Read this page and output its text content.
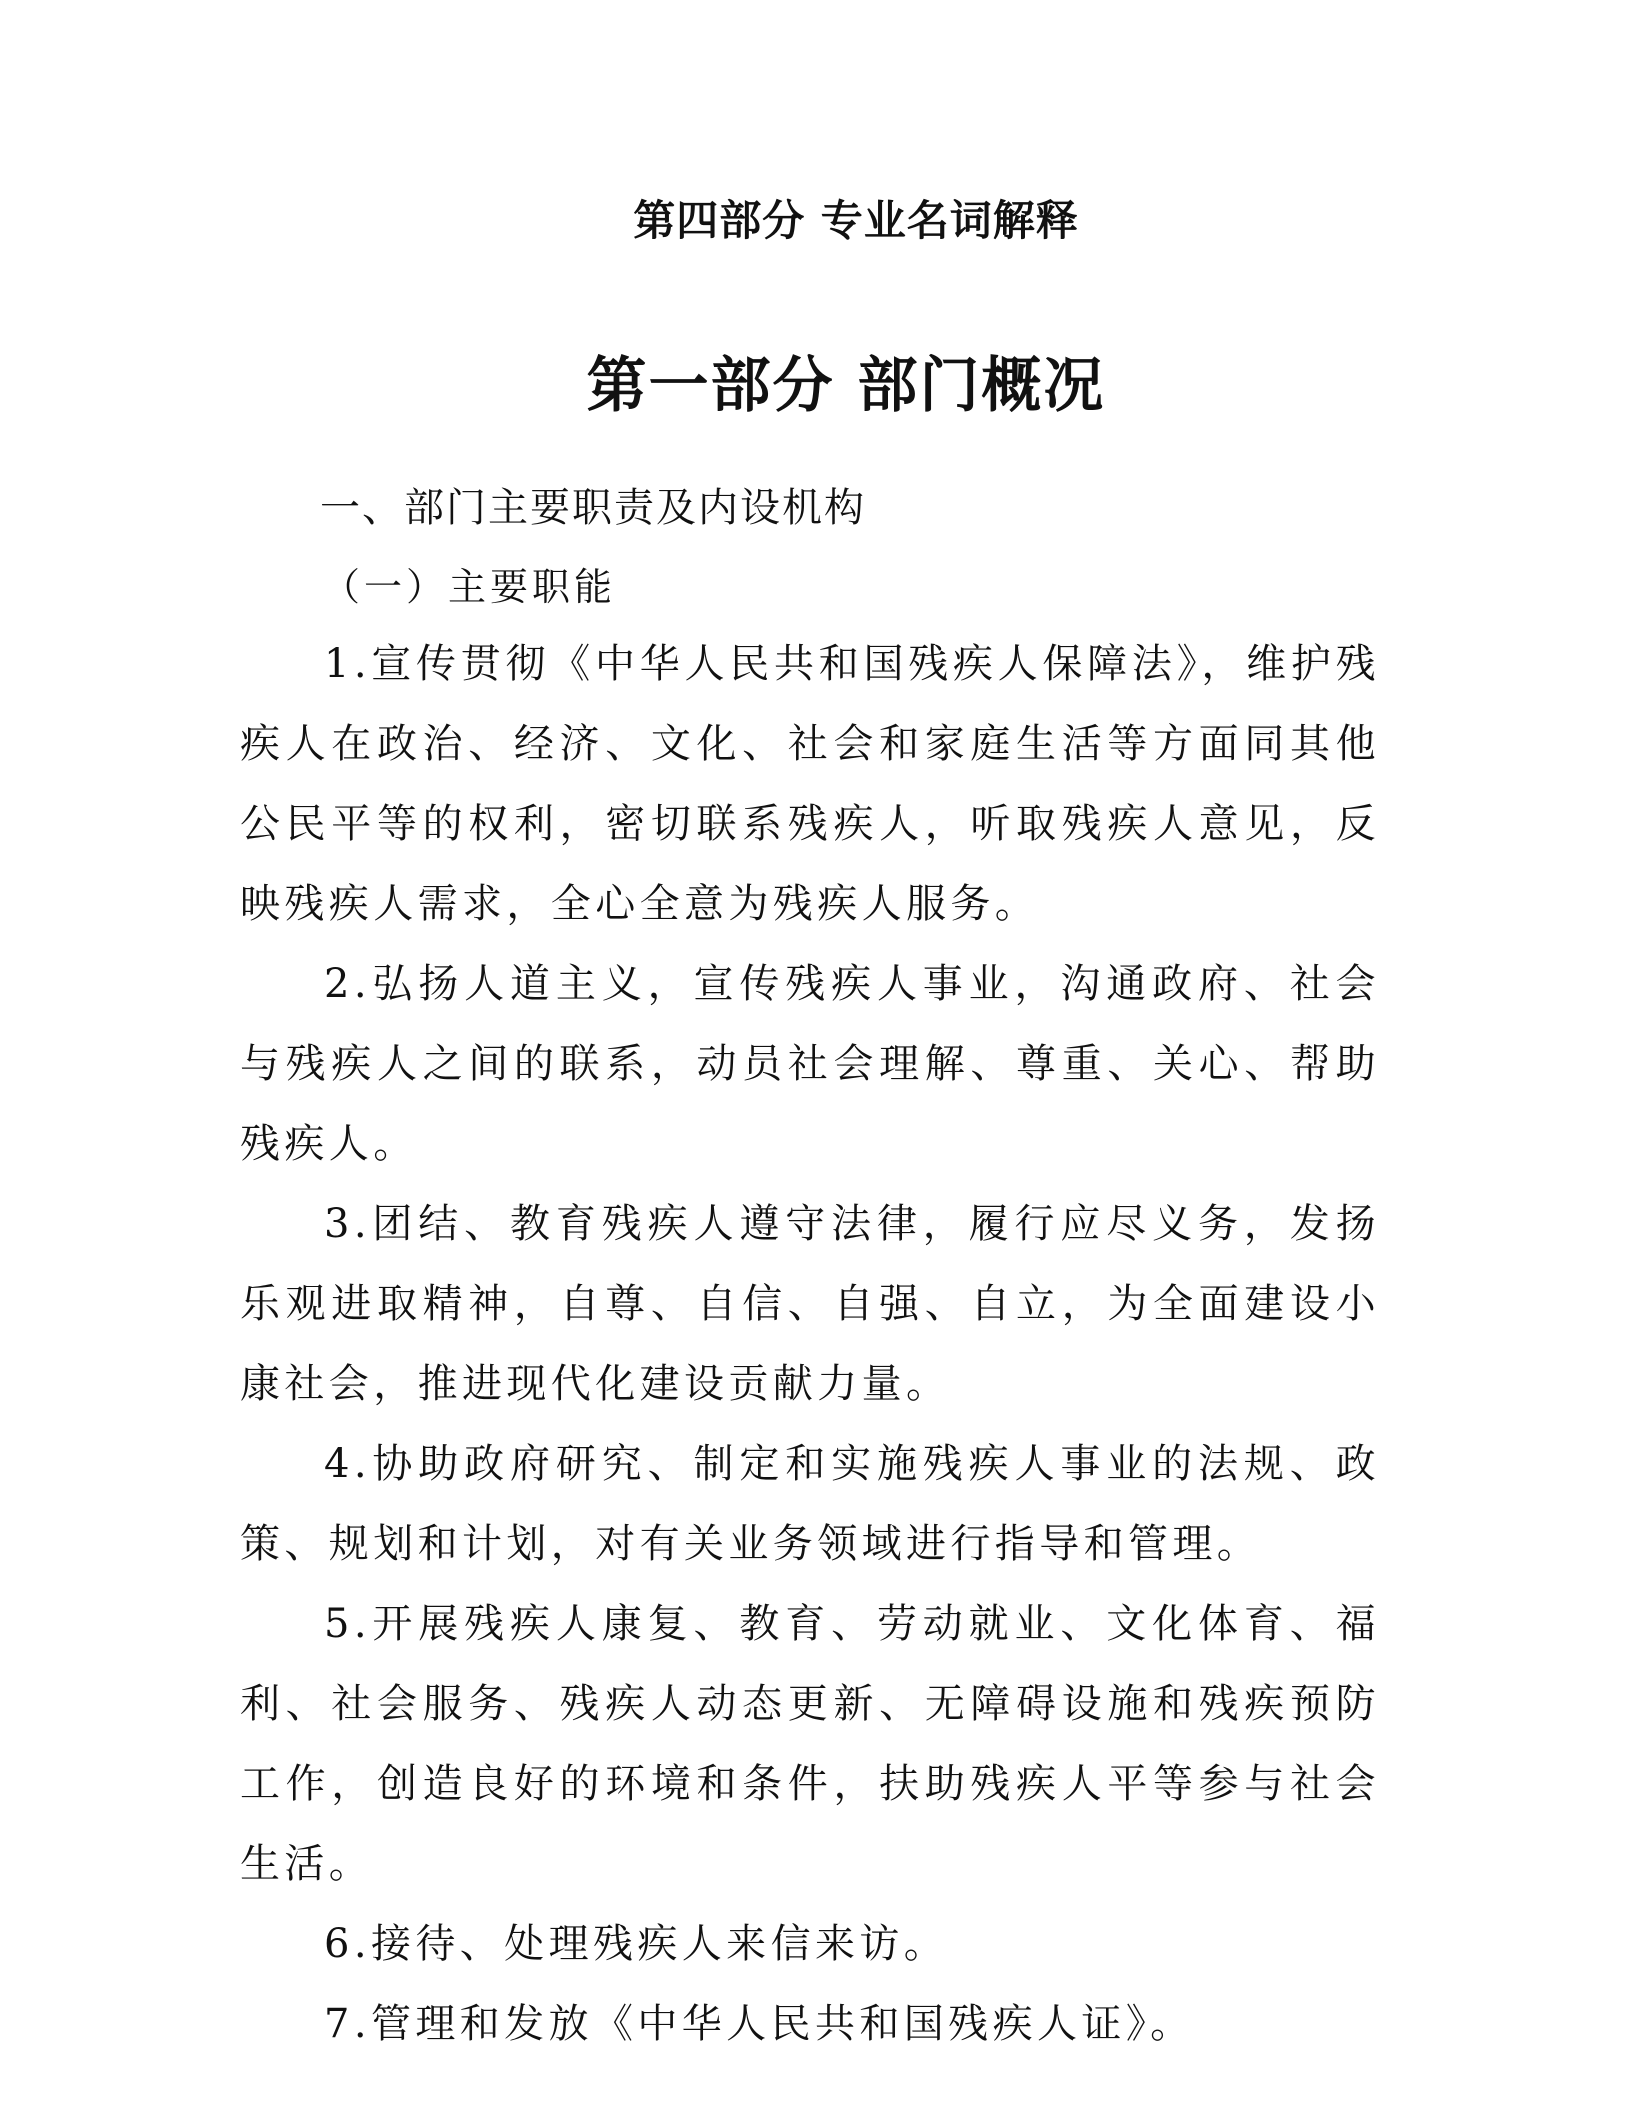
第四部分 专业名词解释
第一部分 部门概况
一、部门主要职责及内设机构
（一）主要职能

1.宣传贯彻《中华人民共和国残疾人保障法》，维护残疾人在政治、经济、文化、社会和家庭生活等方面同其他公民平等的权利，密切联系残疾人，听取残疾人意见，反映残疾人需求，全心全意为残疾人服务。

2.弘扬人道主义，宣传残疾人事业，沟通政府、社会与残疾人之间的联系，动员社会理解、尊重、关心、帮助残疾人。

3.团结、教育残疾人遵守法律，履行应尽义务，发扬乐观进取精神，自尊、自信、自强、自立，为全面建设小康社会，推进现代化建设贡献力量。

4.协助政府研究、制定和实施残疾人事业的法规、政策、规划和计划，对有关业务领域进行指导和管理。

5.开展残疾人康复、教育、劳动就业、文化体育、福利、社会服务、残疾人动态更新、无障碍设施和残疾预防工作，创造良好的环境和条件，扶助残疾人平等参与社会生活。

6.接待、处理残疾人来信来访。

7.管理和发放《中华人民共和国残疾人证》。
